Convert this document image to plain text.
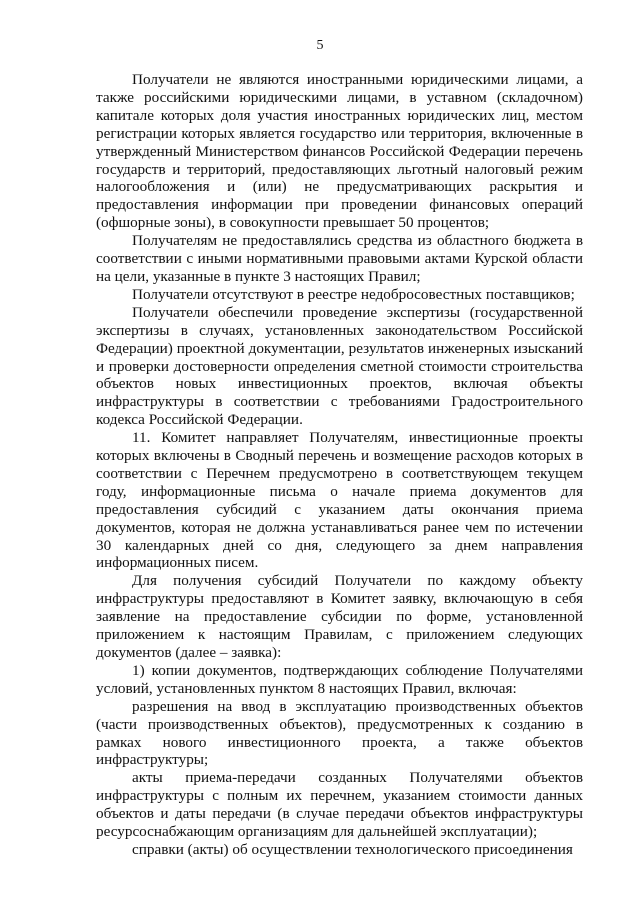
5

Получатели не являются иностранными юридическими лицами, а также российскими юридическими лицами, в уставном (складочном) капитале которых доля участия иностранных юридических лиц, местом регистрации которых является государство или территория, включенные в утвержденный Министерством финансов Российской Федерации перечень государств и территорий, предоставляющих льготный налоговый режим налогообложения и (или) не предусматривающих раскрытия и предоставления информации при проведении финансовых операций (офшорные зоны), в совокупности превышает 50 процентов;

Получателям не предоставлялись средства из областного бюджета в соответствии с иными нормативными правовыми актами Курской области на цели, указанные в пункте 3 настоящих Правил;

Получатели отсутствуют в реестре недобросовестных поставщиков;

Получатели обеспечили проведение экспертизы (государственной экспертизы в случаях, установленных законодательством Российской Федерации) проектной документации, результатов инженерных изысканий и проверки достоверности определения сметной стоимости строительства объектов новых инвестиционных проектов, включая объекты инфраструктуры в соответствии с требованиями Градостроительного кодекса Российской Федерации.

11. Комитет направляет Получателям, инвестиционные проекты которых включены в Сводный перечень и возмещение расходов которых в соответствии с Перечнем предусмотрено в соответствующем текущем году, информационные письма о начале приема документов для предоставления субсидий с указанием даты окончания приема документов, которая не должна устанавливаться ранее чем по истечении 30 календарных дней со дня, следующего за днем направления информационных писем.

Для получения субсидий Получатели по каждому объекту инфраструктуры предоставляют в Комитет заявку, включающую в себя заявление на предоставление субсидии по форме, установленной приложением к настоящим Правилам, с приложением следующих документов (далее – заявка):

1) копии документов, подтверждающих соблюдение Получателями условий, установленных пунктом 8 настоящих Правил, включая:

разрешения на ввод в эксплуатацию производственных объектов (части производственных объектов), предусмотренных к созданию в рамках нового инвестиционного проекта, а также объектов инфраструктуры;

акты приема-передачи созданных Получателями объектов инфраструктуры с полным их перечнем, указанием стоимости данных объектов и даты передачи (в случае передачи объектов инфраструктуры ресурсоснабжающим организациям для дальнейшей эксплуатации);

справки (акты) об осуществлении технологического присоединения
